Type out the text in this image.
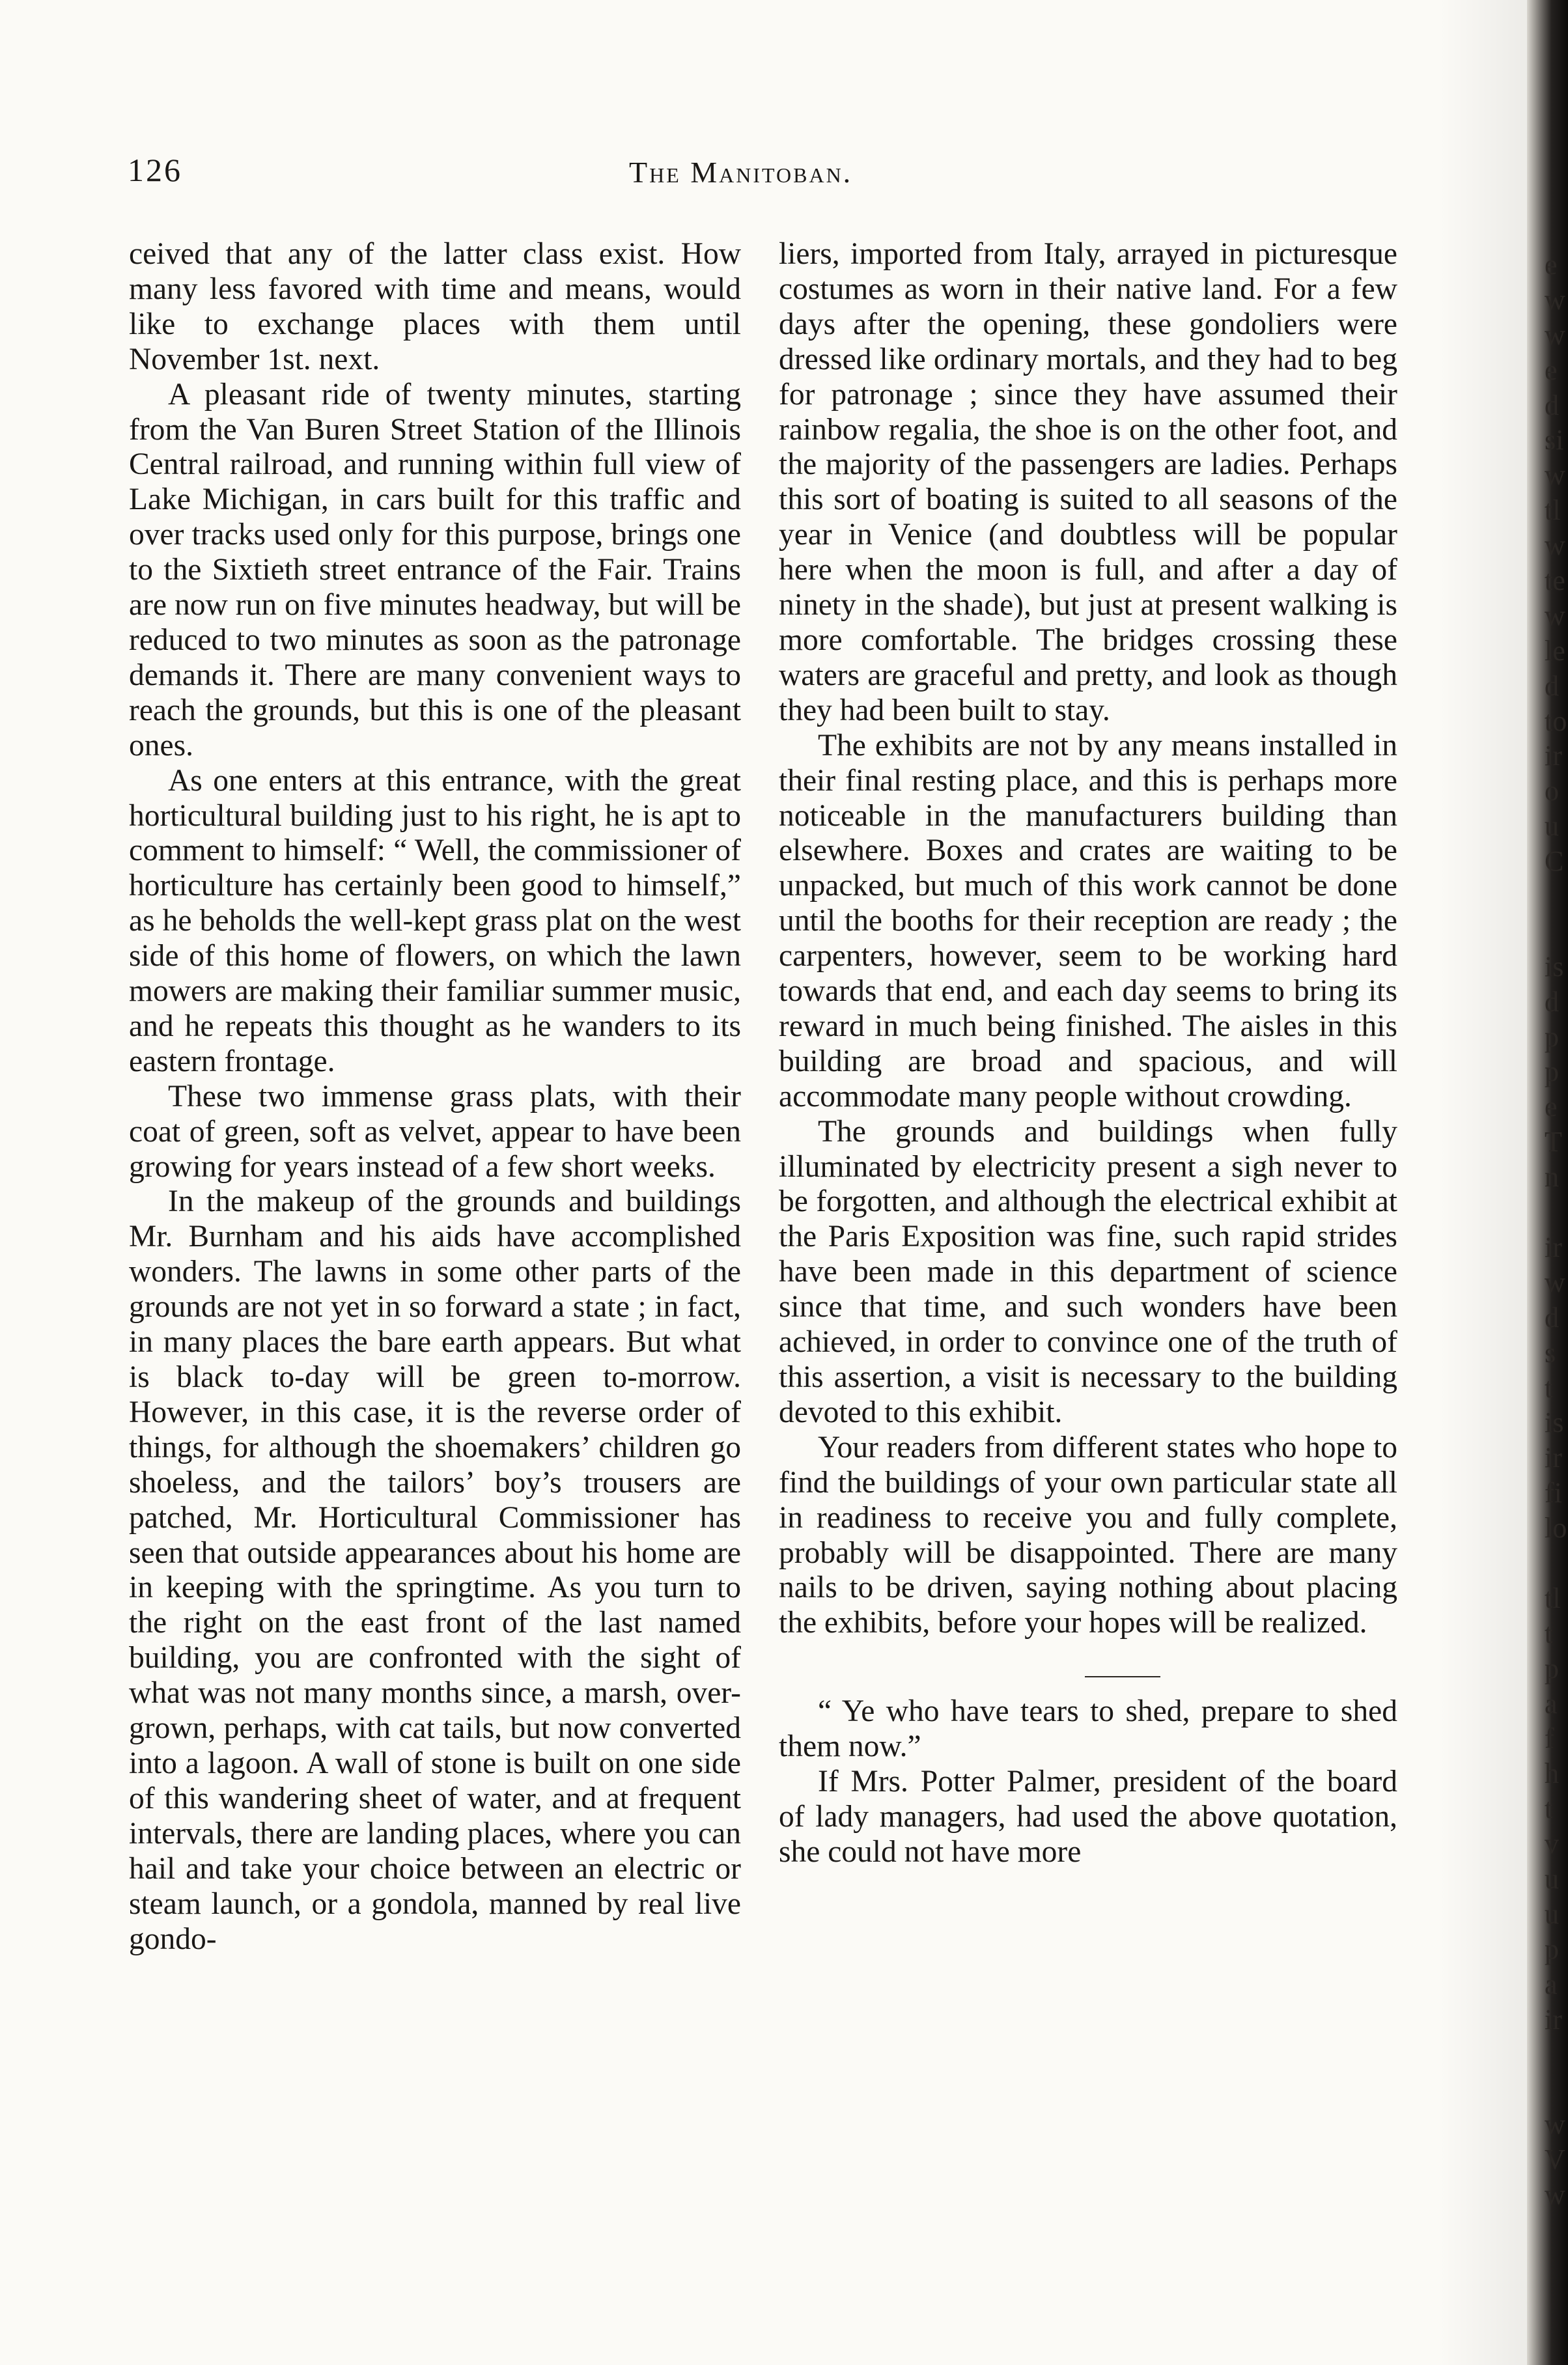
126	The Manitoban.

ceived that any of the latter class exist. How many less favored with time and means, would like to exchange places with them until November 1st. next.

A pleasant ride of twenty minutes, starting from the Van Buren Street Station of the Illinois Central railroad, and running within full view of Lake Michigan, in cars built for this traffic and over tracks used only for this purpose, brings one to the Sixtieth street entrance of the Fair. Trains are now run on five minutes headway, but will be reduced to two minutes as soon as the patronage demands it. There are many convenient ways to reach the grounds, but this is one of the pleasant ones.

As one enters at this entrance, with the great horticultural building just to his right, he is apt to comment to himself: “ Well, the commissioner of horticulture has certainly been good to himself,” as he beholds the well-kept grass plat on the west side of this home of flowers, on which the lawn mowers are making their familiar summer music, and he repeats this thought as he wanders to its eastern frontage.

These two immense grass plats, with their coat of green, soft as velvet, appear to have been growing for years instead of a few short weeks.

In the makeup of the grounds and buildings Mr. Burnham and his aids have accomplished wonders. The lawns in some other parts of the grounds are not yet in so forward a state ; in fact, in many places the bare earth appears. But what is black to-day will be green to-morrow. However, in this case, it is the reverse order of things, for although the shoemakers’ children go shoeless, and the tailors’ boy’s trousers are patched, Mr. Horticultural Commissioner has seen that outside appearances about his home are in keeping with the springtime. As you turn to the right on the east front of the last named building, you are confronted with the sight of what was not many months since, a marsh, over-grown, perhaps, with cat tails, but now converted into a lagoon. A wall of stone is built on one side of this wandering sheet of water, and at frequent intervals, there are landing places, where you can hail and take your choice between an electric or steam launch, or a gondola, manned by real live gondo-

liers, imported from Italy, arrayed in picturesque costumes as worn in their native land. For a few days after the opening, these gondoliers were dressed like ordinary mortals, and they had to beg for patronage ; since they have assumed their rainbow regalia, the shoe is on the other foot, and the majority of the passengers are ladies. Perhaps this sort of boating is suited to all seasons of the year in Venice (and doubtless will be popular here when the moon is full, and after a day of ninety in the shade), but just at present walking is more comfortable. The bridges crossing these waters are graceful and pretty, and look as though they had been built to stay.

The exhibits are not by any means installed in their final resting place, and this is perhaps more noticeable in the manufacturers building than elsewhere. Boxes and crates are waiting to be unpacked, but much of this work cannot be done until the booths for their reception are ready ; the carpenters, however, seem to be working hard towards that end, and each day seems to bring its reward in much being finished. The aisles in this building are broad and spacious, and will accommodate many people without crowding.

The grounds and buildings when fully illuminated by electricity present a sigh never to be forgotten, and although the electrical exhibit at the Paris Exposition was fine, such rapid strides have been made in this department of science since that time, and such wonders have been achieved, in order to convince one of the truth of this assertion, a visit is necessary to the building devoted to this exhibit.

Your readers from different states who hope to find the buildings of your own particular state all in readiness to receive you and fully complete, probably will be disappointed. There are many nails to be driven, saying nothing about placing the exhibits, before your hopes will be realized.

“ Ye who have tears to shed, prepare to shed them now.”

If Mrs. Potter Palmer, president of the board of lady managers, had used the above quotation, she could not have more

e
w
w
e
d
si
w
tl
w
te
w
le
d
to
ir
o
u
C
is
d
p
p
e
T
n
ir
w
d
s
t
is
ir
fi
lo
tl
t
p
a
f
h
t
v
u
u
p
a
ir
w
V
w
